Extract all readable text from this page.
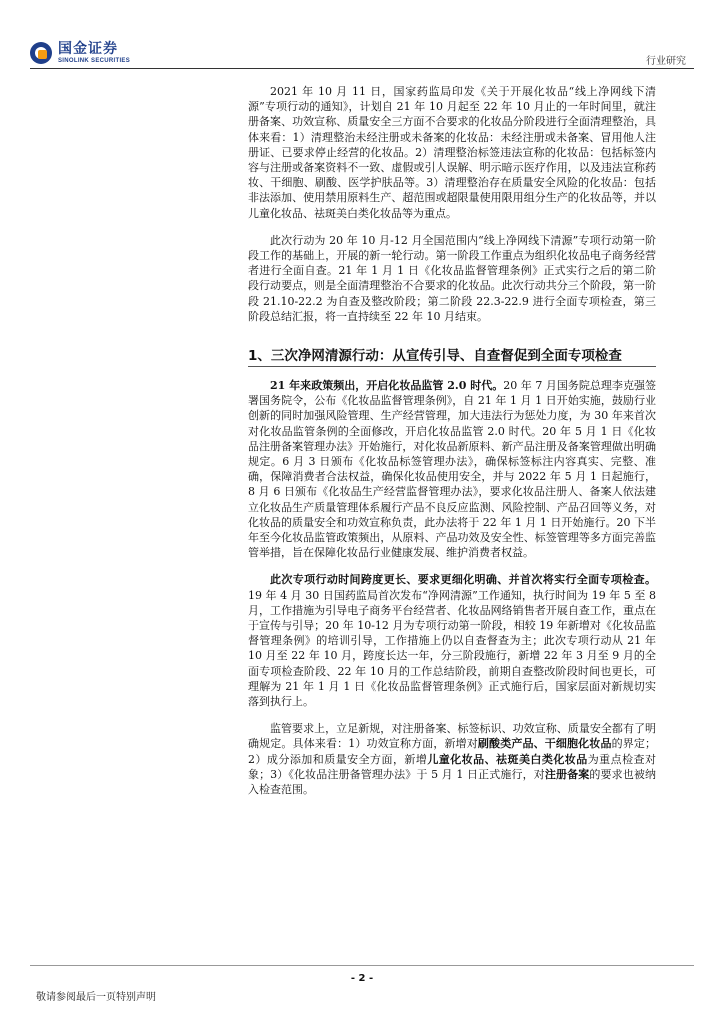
国金证券
SINOLINK SECURITIES	行业研究

2021 年 10 月 11 日，国家药监局印发《关于开展化妆品“线上净网线下清源”专项行动的通知》，计划自 21 年 10 月起至 22 年 10 月止的一年时间里，就注册备案、功效宣称、质量安全三方面不合要求的化妆品分阶段进行全面清理整治，具体来看：1）清理整治未经注册或未备案的化妆品：未经注册或未备案、冒用他人注册证、已要求停止经营的化妆品。2）清理整治标签违法宣称的化妆品：包括标签内容与注册或备案资料不一致、虚假或引人误解、明示暗示医疗作用，以及违法宣称药妆、干细胞、刷酸、医学护肤品等。3）清理整治存在质量安全风险的化妆品：包括非法添加、使用禁用原料生产、超范围或超限量使用限用组分生产的化妆品等，并以儿童化妆品、祛斑美白类化妆品等为重点。

此次行动为 20 年 10 月-12 月全国范围内“线上净网线下清源”专项行动第一阶段工作的基础上，开展的新一轮行动。第一阶段工作重点为组织化妆品电子商务经营者进行全面自查。21 年 1 月 1 日《化妆品监督管理条例》正式实行之后的第二阶段行动要点，则是全面清理整治不合要求的化妆品。此次行动共分三个阶段，第一阶段 21.10-22.2 为自查及整改阶段；第二阶段 22.3-22.9 进行全面专项检查，第三阶段总结汇报，将一直持续至 22 年 10 月结束。

1、三次净网清源行动：从宣传引导、自查督促到全面专项检查

21 年来政策频出，开启化妆品监管 2.0 时代。20 年 7 月国务院总理李克强签署国务院令，公布《化妆品监督管理条例》，自 21 年 1 月 1 日开始实施，鼓励行业创新的同时加强风险管理、生产经营管理，加大违法行为惩处力度，为 30 年来首次对化妆品监管条例的全面修改，开启化妆品监管 2.0 时代。20 年 5 月 1 日《化妆品注册备案管理办法》开始施行，对化妆品新原料、新产品注册及备案管理做出明确规定。6 月 3 日颁布《化妆品标签管理办法》，确保标签标注内容真实、完整、准确，保障消费者合法权益，确保化妆品使用安全，并与 2022 年 5 月 1 日起施行，8 月 6 日颁布《化妆品生产经营监督管理办法》，要求化妆品注册人、备案人依法建立化妆品生产质量管理体系履行产品不良反应监测、风险控制、产品召回等义务，对化妆品的质量安全和功效宣称负责，此办法将于 22 年 1 月 1 日开始施行。20 下半年至今化妆品监管政策频出，从原料、产品功效及安全性、标签管理等多方面完善监管举措，旨在保障化妆品行业健康发展、维护消费者权益。

此次专项行动时间跨度更长、要求更细化明确、并首次将实行全面专项检查。19 年 4 月 30 日国药监局首次发布“净网清源”工作通知，执行时间为 19 年 5 至 8 月，工作措施为引导电子商务平台经营者、化妆品网络销售者开展自查工作，重点在于宣传与引导；20 年 10-12 月为专项行动第一阶段，相较 19 年新增对《化妆品监督管理条例》的培训引导，工作措施上仍以自查督查为主；此次专项行动从 21 年 10 月至 22 年 10 月，跨度长达一年，分三阶段施行，新增 22 年 3 月至 9 月的全面专项检查阶段、22 年 10 月的工作总结阶段，前期自查整改阶段时间也更长，可理解为 21 年 1 月 1 日《化妆品监督管理条例》正式施行后，国家层面对新规切实落到执行上。

监管要求上，立足新规，对注册备案、标签标识、功效宣称、质量安全都有了明确规定。具体来看：1）功效宣称方面，新增对刷酸类产品、干细胞化妆品的界定；2）成分添加和质量安全方面，新增儿童化妆品、祛斑美白类化妆品为重点检查对象；3）《化妆品注册备管理办法》于 5 月 1 日正式施行，对注册备案的要求也被纳入检查范围。

- 2 -
敬请参阅最后一页特别声明
